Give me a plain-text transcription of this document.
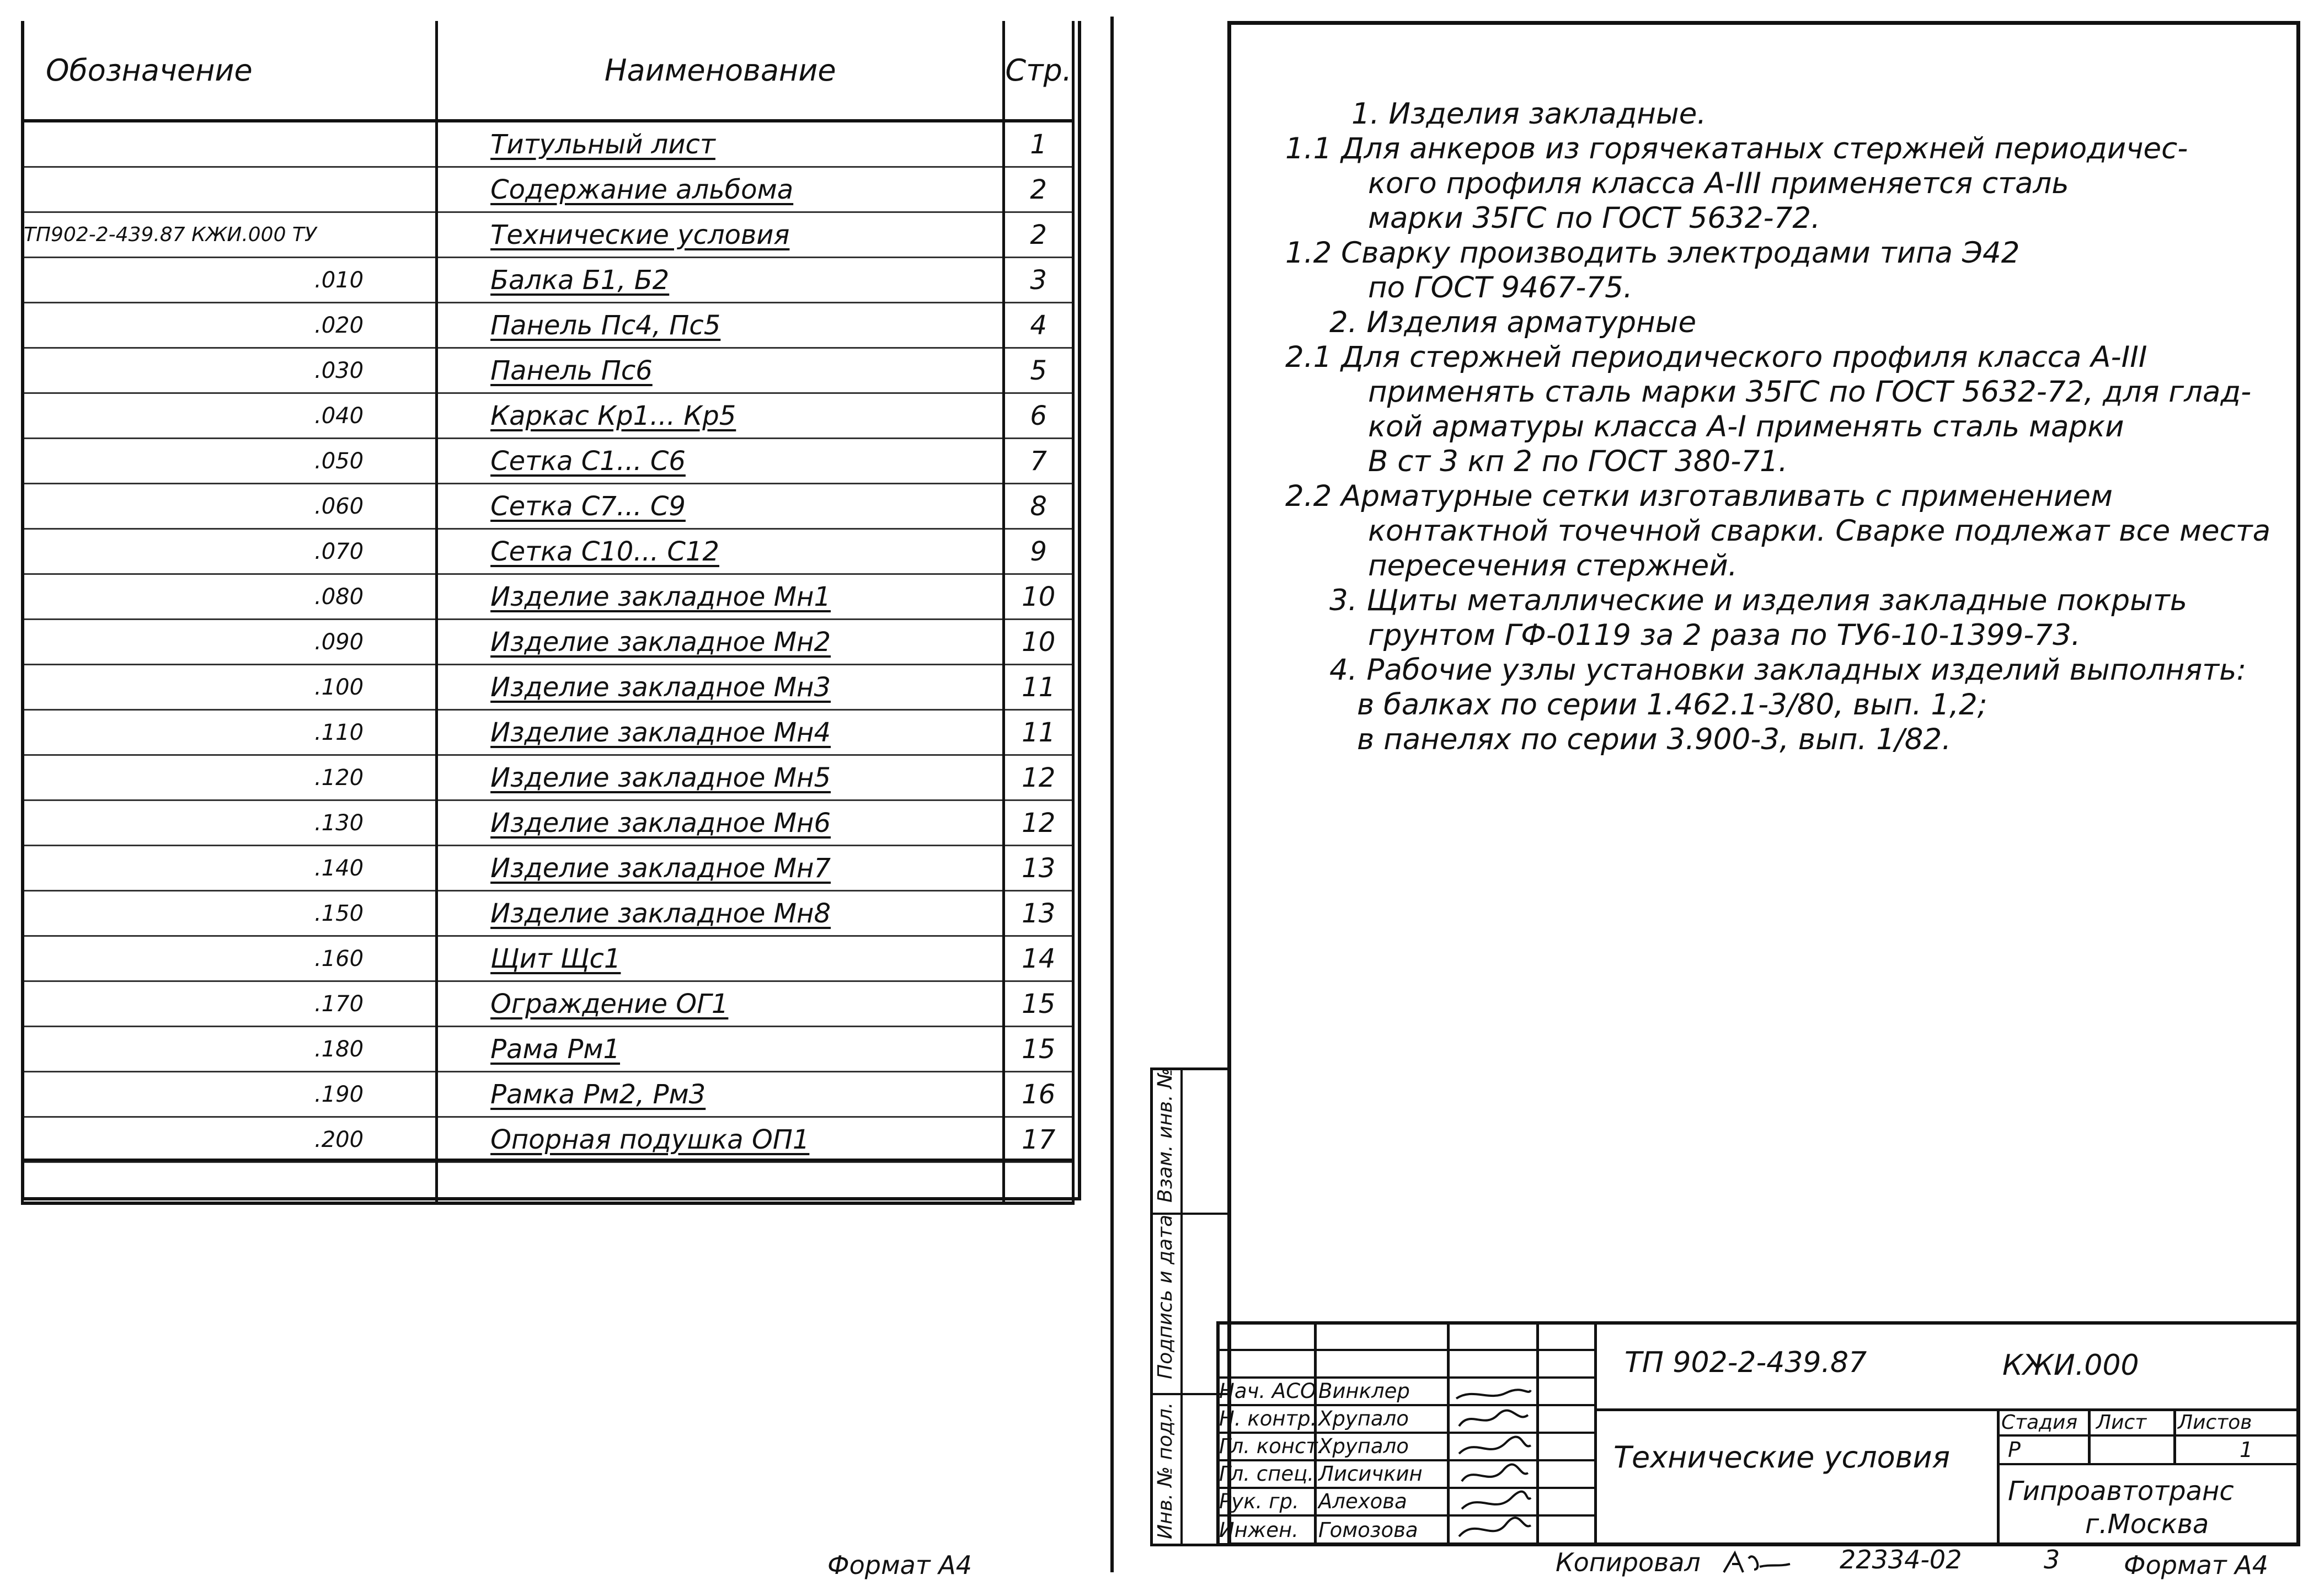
Обозначение	Наименование	Стр.
	Титульный лист	1
	Содержание альбома	2
ТП902-2-439.87 КЖИ.000 ТУ	Технические условия	2
.010	Балка Б1, Б2	3
.020	Панель Пс4, Пс5	4
.030	Панель Пс6	5
.040	Каркас Кр1... Кр5	6
.050	Сетка С1... С6	7
.060	Сетка С7... С9	8
.070	Сетка С10... С12	9
.080	Изделие закладное Мн1	10
.090	Изделие закладное Мн2	10
.100	Изделие закладное Мн3	11
.110	Изделие закладное Мн4	11
.120	Изделие закладное Мн5	12
.130	Изделие закладное Мн6	12
.140	Изделие закладное Мн7	13
.150	Изделие закладное Мн8	13
.160	Щит Щс1	14
.170	Ограждение ОГ1	15
.180	Рама Рм1	15
.190	Рамка Рм2, Рм3	16
.200	Опорная подушка ОП1	17

Формат А4
1. Изделия закладные.
1.1 Для анкеров из горячекатаных стержней периодичес-
кого профиля класса А-III применяется сталь
марки 35ГС по ГОСТ 5632-72.
1.2 Сварку производить электродами типа Э42
по ГОСТ 9467-75.
2. Изделия арматурные
2.1 Для стержней периодического профиля класса А-III
применять сталь марки 35ГС по ГОСТ 5632-72, для глад-
кой арматуры класса А-I применять сталь марки
В ст 3 кп 2 по ГОСТ 380-71.
2.2 Арматурные сетки изготавливать с применением
контактной точечной сварки. Сварке подлежат все места
пересечения стержней.
3. Щиты металлические и изделия закладные покрыть
грунтом ГФ-0119 за 2 раза по ТУ6-10-1399-73.
4. Рабочие узлы установки закладных изделий выполнять:
в балках по серии 1.462.1-3/80, вып. 1,2;
в панелях по серии 3.900-3, вып. 1/82.
Взам. инв. №
Подпись и дата
Инв. № подл.
Нач. АСО Винклер
Н. контр. Хрупало
Гл. конст.
Хрупало
Гл. спец. Лисичкин
Рук. гр. Алехова
Инжен. Гомозова
ТП 902-2-439.87	КЖИ.000
Технические условия
Стадия Лист Листов
Р	1
Гипроавтотранс
г.Москва
Копировал	22334-02	3	Формат А4
